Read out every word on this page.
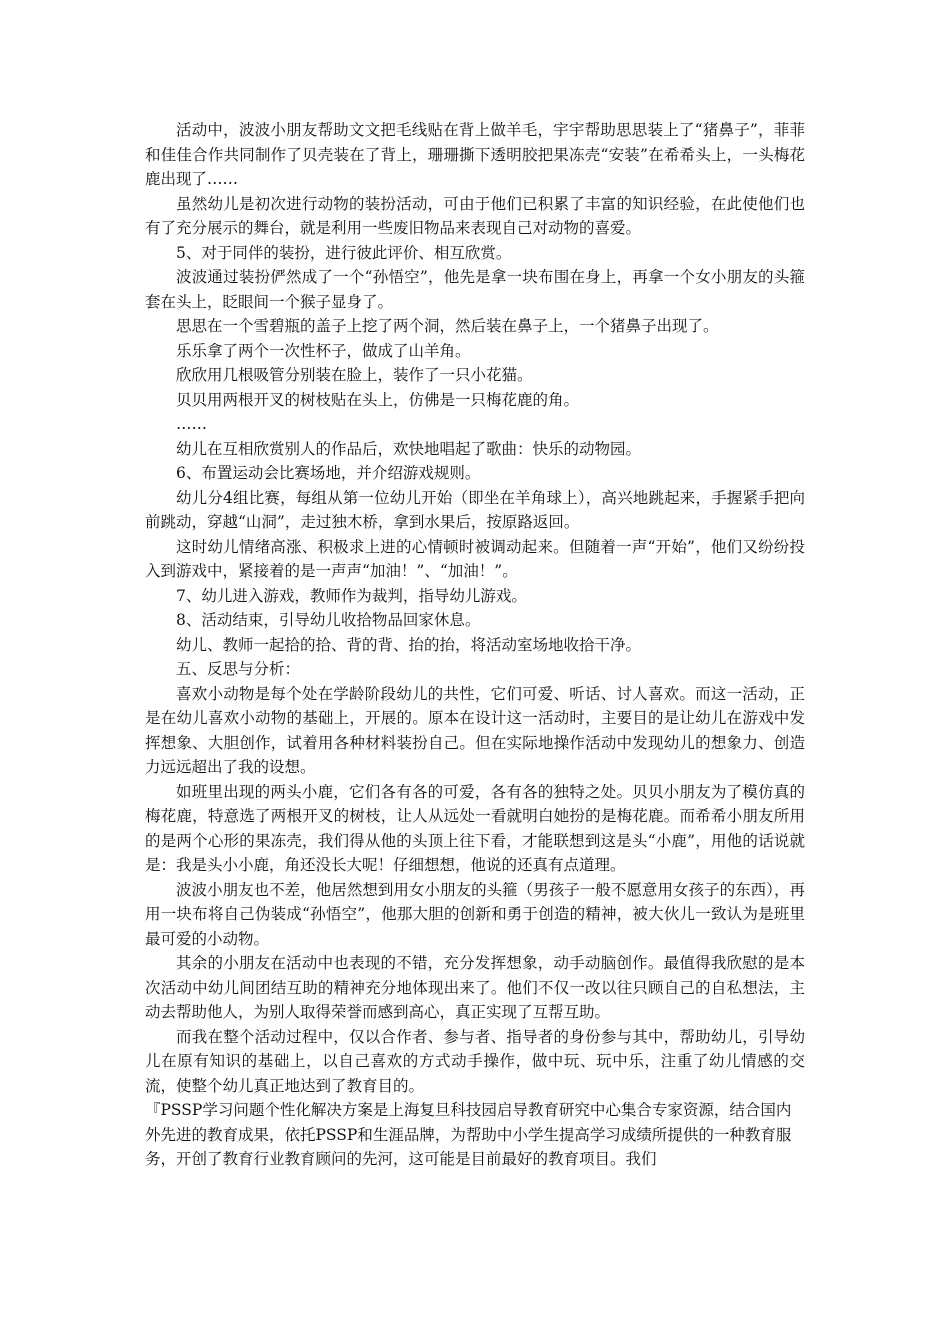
活动中，波波小朋友帮助文文把毛线贴在背上做羊毛，宇宇帮助思思装上了“猪鼻子”，菲菲和佳佳合作共同制作了贝壳装在了背上，珊珊撕下透明胶把果冻壳“安装”在希希头上，一头梅花鹿出现了……

虽然幼儿是初次进行动物的装扮活动，可由于他们已积累了丰富的知识经验，在此使他们也有了充分展示的舞台，就是利用一些废旧物品来表现自己对动物的喜爱。

5、对于同伴的装扮，进行彼此评价、相互欣赏。

波波通过装扮俨然成了一个“孙悟空”，他先是拿一块布围在身上，再拿一个女小朋友的头箍套在头上，眨眼间一个猴子显身了。

思思在一个雪碧瓶的盖子上挖了两个洞，然后装在鼻子上，一个猪鼻子出现了。

乐乐拿了两个一次性杯子，做成了山羊角。

欣欣用几根吸管分别装在脸上，装作了一只小花猫。

贝贝用两根开叉的树枝贴在头上，仿佛是一只梅花鹿的角。

……

幼儿在互相欣赏别人的作品后，欢快地唱起了歌曲：快乐的动物园。

6、布置运动会比赛场地，并介绍游戏规则。

幼儿分4组比赛，每组从第一位幼儿开始（即坐在羊角球上），高兴地跳起来，手握紧手把向前跳动，穿越“山洞”，走过独木桥，拿到水果后，按原路返回。

这时幼儿情绪高涨、积极求上进的心情顿时被调动起来。但随着一声“开始”，他们又纷纷投入到游戏中，紧接着的是一声声“加油！”、“加油！”。

7、幼儿进入游戏，教师作为裁判，指导幼儿游戏。

8、活动结束，引导幼儿收拾物品回家休息。

幼儿、教师一起拾的拾、背的背、抬的抬，将活动室场地收拾干净。

五、反思与分析：

喜欢小动物是每个处在学龄阶段幼儿的共性，它们可爱、听话、讨人喜欢。而这一活动，正是在幼儿喜欢小动物的基础上，开展的。原本在设计这一活动时，主要目的是让幼儿在游戏中发挥想象、大胆创作，试着用各种材料装扮自己。但在实际地操作活动中发现幼儿的想象力、创造力远远超出了我的设想。

如班里出现的两头小鹿，它们各有各的可爱，各有各的独特之处。贝贝小朋友为了模仿真的梅花鹿，特意选了两根开叉的树枝，让人从远处一看就明白她扮的是梅花鹿。而希希小朋友所用的是两个心形的果冻壳，我们得从他的头顶上往下看，才能联想到这是头“小鹿”，用他的话说就是：我是头小小鹿，角还没长大呢！仔细想想，他说的还真有点道理。

波波小朋友也不差，他居然想到用女小朋友的头箍（男孩子一般不愿意用女孩子的东西），再用一块布将自己伪装成“孙悟空”，他那大胆的创新和勇于创造的精神，被大伙儿一致认为是班里最可爱的小动物。

其余的小朋友在活动中也表现的不错，充分发挥想象，动手动脑创作。最值得我欣慰的是本次活动中幼儿间团结互助的精神充分地体现出来了。他们不仅一改以往只顾自己的自私想法，主动去帮助他人，为别人取得荣誉而感到高心，真正实现了互帮互助。

而我在整个活动过程中，仅以合作者、参与者、指导者的身份参与其中，帮助幼儿，引导幼儿在原有知识的基础上，以自己喜欢的方式动手操作，做中玩、玩中乐，注重了幼儿情感的交流，使整个幼儿真正地达到了教育目的。

『PSSP学习问题个性化解决方案是上海复旦科技园启导教育研究中心集合专家资源，结合国内外先进的教育成果，依托PSSP和生涯品牌，为帮助中小学生提高学习成绩所提供的一种教育服务，开创了教育行业教育顾问的先河，这可能是目前最好的教育项目。我们
